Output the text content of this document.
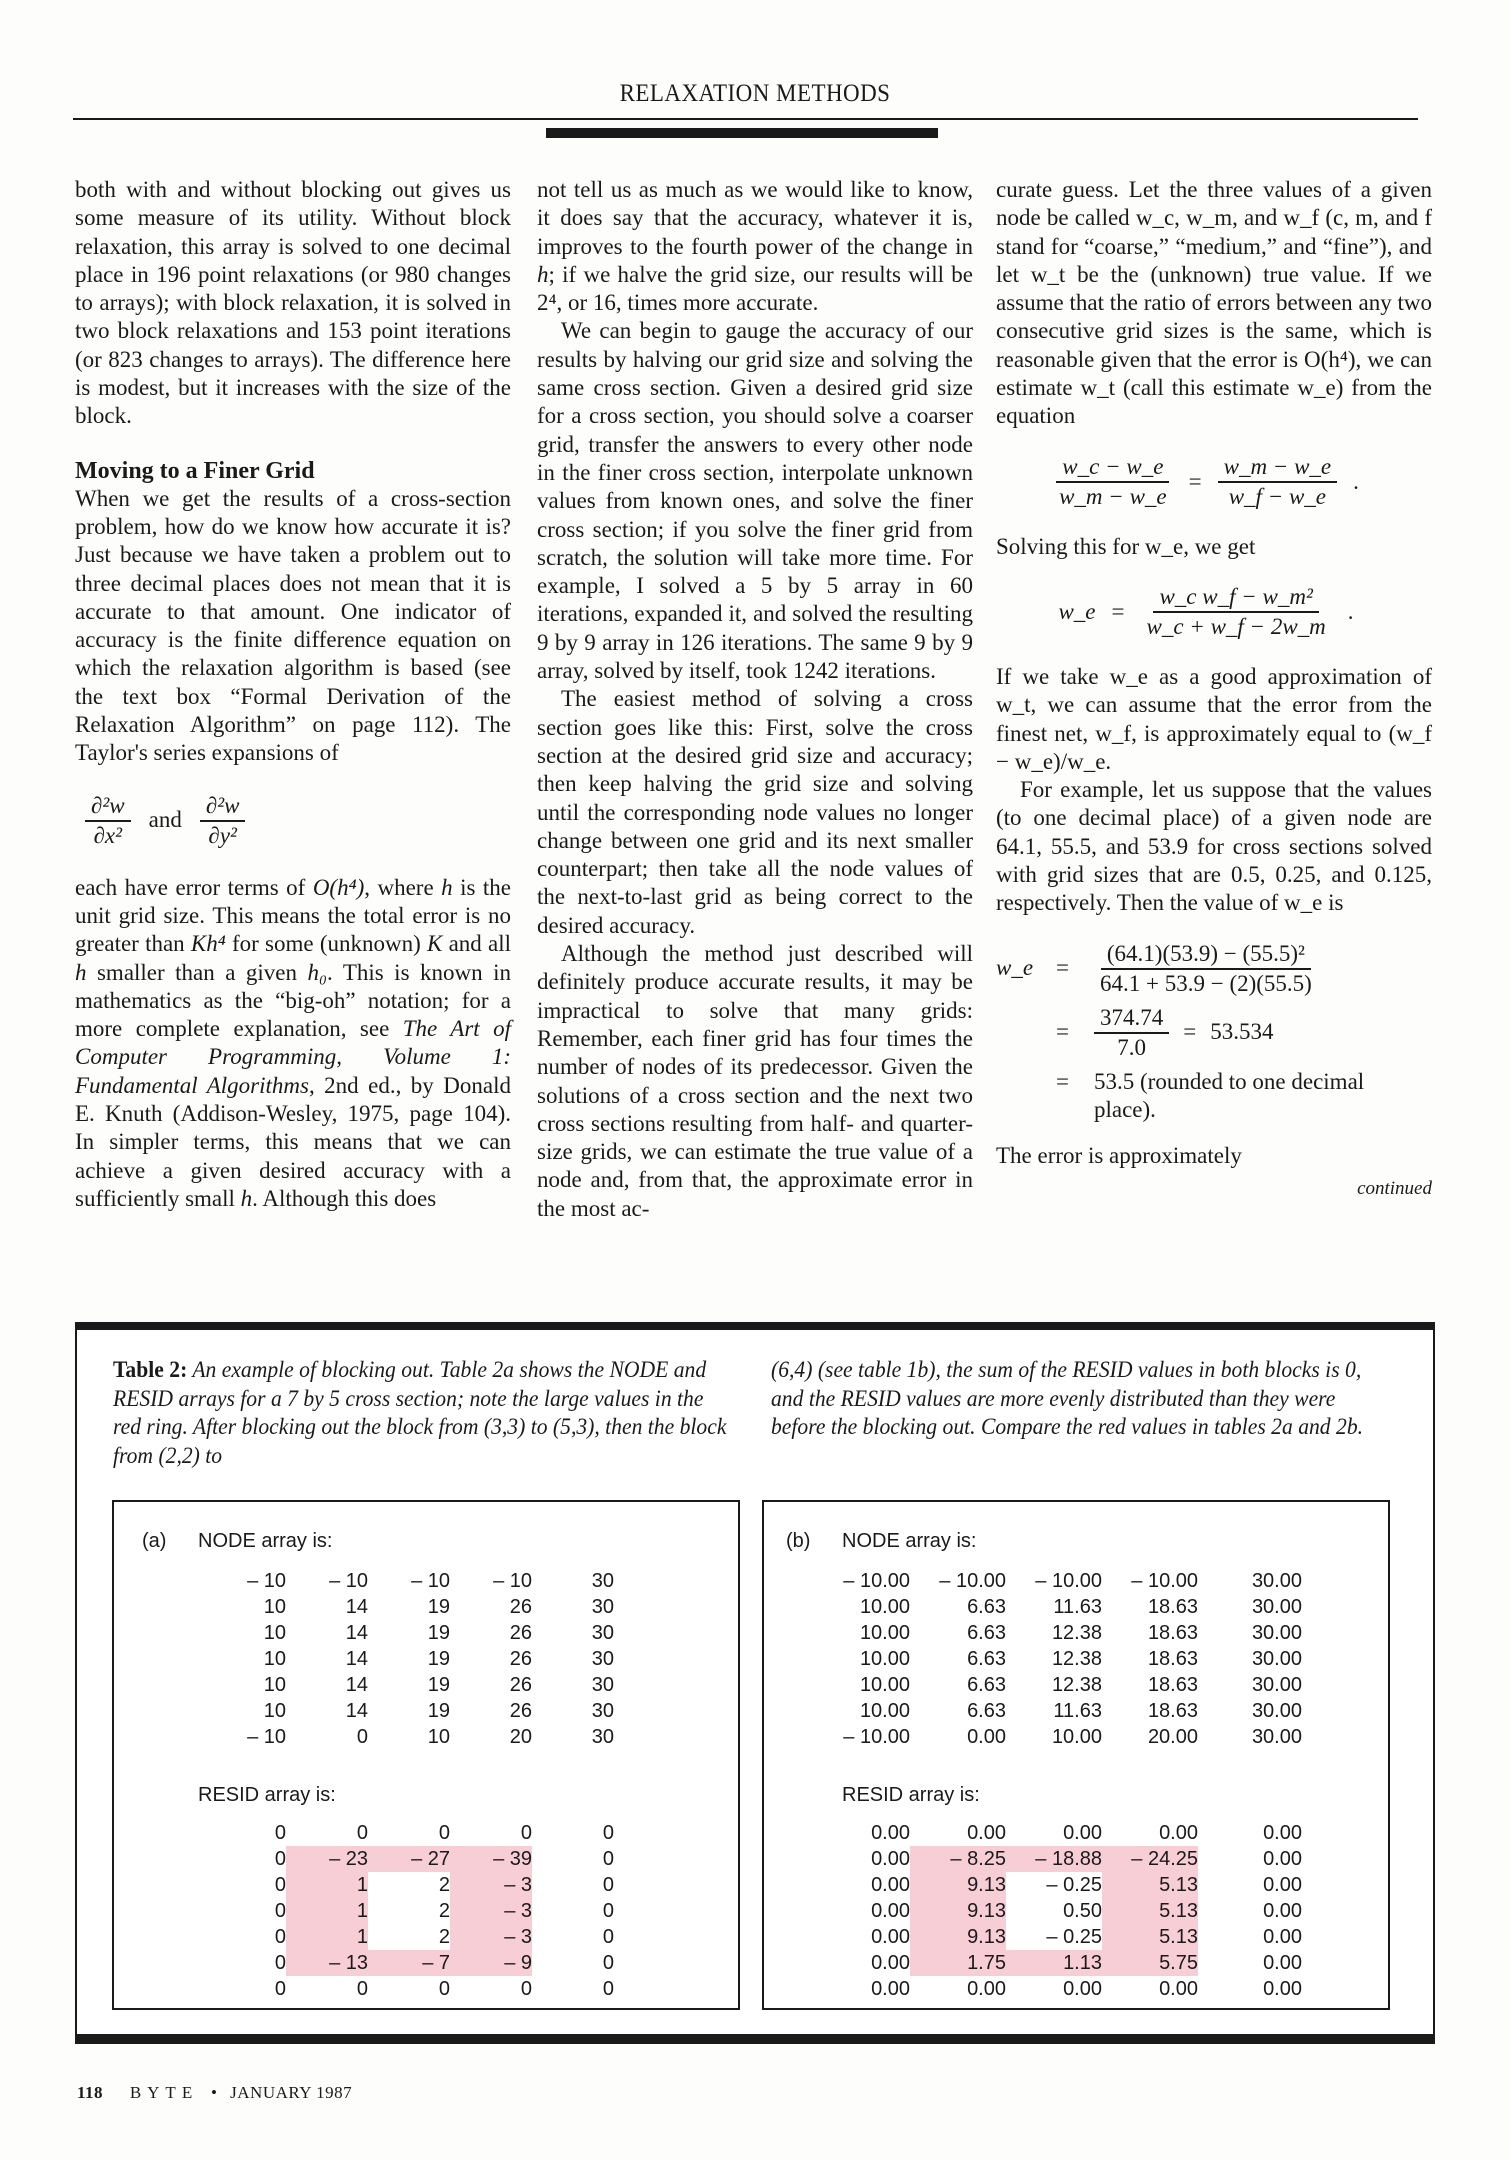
RELAXATION METHODS

both with and without blocking out gives us some measure of its utility. Without block relaxation, this array is solved to one decimal place in 196 point relaxations (or 980 changes to arrays); with block relaxation, it is solved in two block relaxations and 153 point iterations (or 823 changes to arrays). The difference here is modest, but it increases with the size of the block.

Moving to a Finer Grid

When we get the results of a cross-section problem, how do we know how accurate it is? Just because we have taken a problem out to three decimal places does not mean that it is accurate to that amount. One indicator of accuracy is the finite difference equation on which the relaxation algorithm is based (see the text box “Formal Derivation of the Relaxation Algorithm” on page 112). The Taylor's series expansions of

$\frac{\text{∂²w}}{\text{∂x²}}$ and $\frac{\text{∂²w}}{\text{∂y²}}$

each have error terms of O(h⁴), where h is the unit grid size. This means the total error is no greater than Kh⁴ for some (unknown) K and all h smaller than a given h₀. This is known in mathematics as the “big-oh” notation; for a more complete explanation, see The Art of Computer Programming, Volume 1: Fundamental Algorithms, 2nd ed., by Donald E. Knuth (Addison-Wesley, 1975, page 104). In simpler terms, this means that we can achieve a given desired accuracy with a sufficiently small h. Although this does

not tell us as much as we would like to know, it does say that the accuracy, whatever it is, improves to the fourth power of the change in h; if we halve the grid size, our results will be 2⁴, or 16, times more accurate.

We can begin to gauge the accuracy of our results by halving our grid size and solving the same cross section. Given a desired grid size for a cross section, you should solve a coarser grid, transfer the answers to every other node in the finer cross section, interpolate unknown values from known ones, and solve the finer cross section; if you solve the finer grid from scratch, the solution will take more time. For example, I solved a 5 by 5 array in 60 iterations, expanded it, and solved the resulting 9 by 9 array in 126 iterations. The same 9 by 9 array, solved by itself, took 1242 iterations.

The easiest method of solving a cross section goes like this: First, solve the cross section at the desired grid size and accuracy; then keep halving the grid size and solving until the corresponding node values no longer change between one grid and its next smaller counterpart; then take all the node values of the next-to-last grid as being correct to the desired accuracy.

Although the method just described will definitely produce accurate results, it may be impractical to solve that many grids: Remember, each finer grid has four times the number of nodes of its predecessor. Given the solutions of a cross section and the next two cross sections resulting from half- and quarter-size grids, we can estimate the true value of a node and, from that, the approximate error in the most ac-

curate guess. Let the three values of a given node be called w_c, w_m, and w_f (c, m, and f stand for “coarse,” “medium,” and “fine”), and let w_t be the (unknown) true value. If we assume that the ratio of errors between any two consecutive grid sizes is the same, which is reasonable given that the error is O(h⁴), we can estimate w_t (call this estimate w_e) from the equation

$\frac{w\_c - w\_e}{w\_m - w\_e} = \frac{w\_m - w\_e}{w\_f - w\_e}$ .

Solving this for w_e, we get

w_e = $\frac{\text{w\_c w\_f − w\_m²}}{w\_c + w\_f - 2w\_m}$ .

If we take w_e as a good approximation of w_t, we can assume that the error from the finest net, w_f, is approximately equal to (w_f − w_e)/w_e.

For example, let us suppose that the values (to one decimal place) of a given node are 64.1, 55.5, and 53.9 for cross sections solved with grid sizes that are 0.5, 0.25, and 0.125, respectively. Then the value of w_e is

w_e =	$\frac{\text{(64.1)(53.9) − (55.5)²}}{64.1 + 53.9 - (2)(55.5)}$
=	$\frac{374.74}{7.0} = 53.534$
=	53.5 (rounded to one decimal place).

The error is approximately

continued
Table 2: An example of blocking out. Table 2a shows the NODE and RESID arrays for a 7 by 5 cross section; note the large values in the red ring. After blocking out the block from (3,3) to (5,3), then the block from (2,2) to
(6,4) (see table 1b), the sum of the RESID values in both blocks is 0, and the RESID values are more evenly distributed than they were before the blocking out. Compare the red values in tables 2a and 2b.
(a) NODE array is:
– 10	– 10	– 10	– 10	30
10	14	19	26	30
10	14	19	26	30
10	14	19	26	30
10	14	19	26	30
10	14	19	26	30
– 10	0	10	20	30
RESID array is:
0	0	0	0	0
0	– 23	– 27	– 39	0
0	1	2	– 3	0
0	1	2	– 3	0
0	1	2	– 3	0
0	– 13	– 7	– 9	0
0	0	0	0	0
(b) NODE array is:
– 10.00	– 10.00	– 10.00	– 10.00	30.00
10.00	6.63	11.63	18.63	30.00
10.00	6.63	12.38	18.63	30.00
10.00	6.63	12.38	18.63	30.00
10.00	6.63	12.38	18.63	30.00
10.00	6.63	11.63	18.63	30.00
– 10.00	0.00	10.00	20.00	30.00
RESID array is:
0.00	0.00	0.00	0.00	0.00
0.00	– 8.25	– 18.88	– 24.25	0.00
0.00	9.13	– 0.25	5.13	0.00
0.00	9.13	0.50	5.13	0.00
0.00	9.13	– 0.25	5.13	0.00
0.00	1.75	1.13	5.75	0.00
0.00	0.00	0.00	0.00	0.00
118 BYTE • JANUARY 1987
